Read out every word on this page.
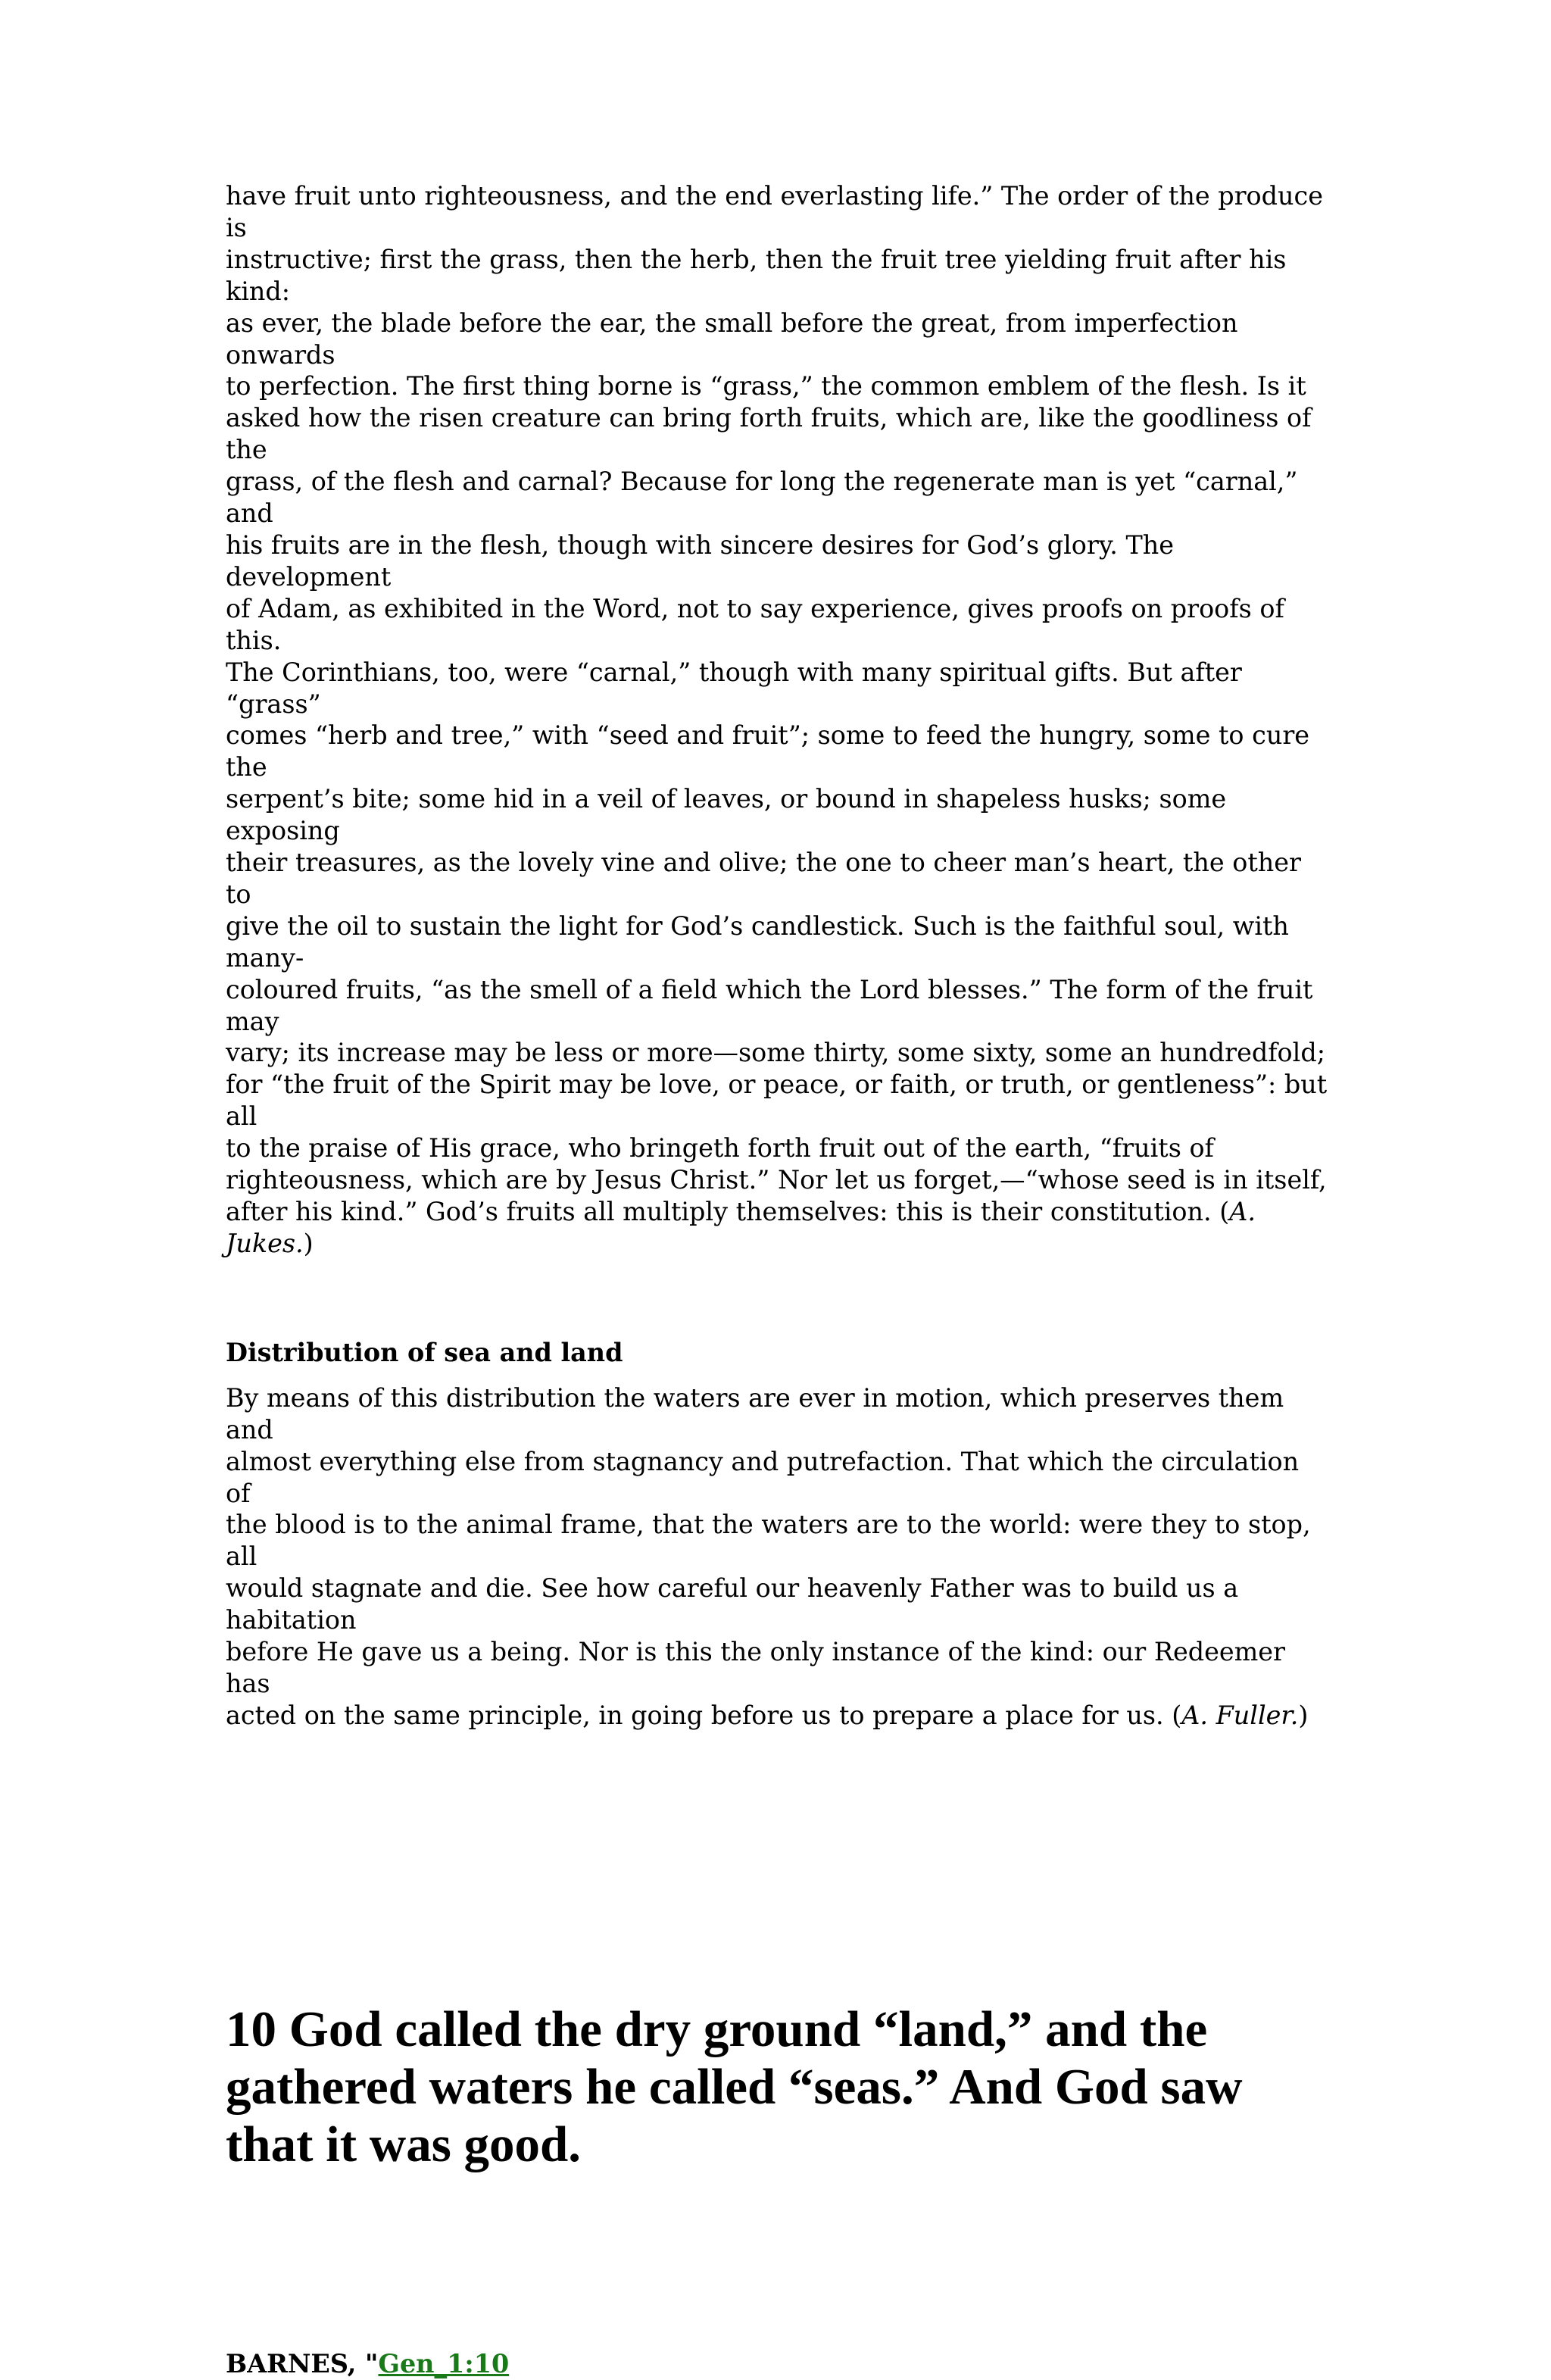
have fruit unto righteousness, and the end everlasting life.” The order of the produce is
instructive; first the grass, then the herb, then the fruit tree yielding fruit after his kind:
as ever, the blade before the ear, the small before the great, from imperfection onwards
to perfection. The first thing borne is “grass,” the common emblem of the flesh. Is it
asked how the risen creature can bring forth fruits, which are, like the goodliness of the
grass, of the flesh and carnal? Because for long the regenerate man is yet “carnal,” and
his fruits are in the flesh, though with sincere desires for God’s glory. The development
of Adam, as exhibited in the Word, not to say experience, gives proofs on proofs of this.
The Corinthians, too, were “carnal,” though with many spiritual gifts. But after “grass”
comes “herb and tree,” with “seed and fruit”; some to feed the hungry, some to cure the
serpent’s bite; some hid in a veil of leaves, or bound in shapeless husks; some exposing
their treasures, as the lovely vine and olive; the one to cheer man’s heart, the other to
give the oil to sustain the light for God’s candlestick. Such is the faithful soul, with many-
coloured fruits, “as the smell of a field which the Lord blesses.” The form of the fruit may
vary; its increase may be less or more—some thirty, some sixty, some an hundredfold;
for “the fruit of the Spirit may be love, or peace, or faith, or truth, or gentleness”: but all
to the praise of His grace, who bringeth forth fruit out of the earth, “fruits of
righteousness, which are by Jesus Christ.” Nor let us forget,—“whose seed is in itself,
after his kind.” God’s fruits all multiply themselves: this is their constitution. (A. Jukes.)

Distribution of sea and land

By means of this distribution the waters are ever in motion, which preserves them and
almost everything else from stagnancy and putrefaction. That which the circulation of
the blood is to the animal frame, that the waters are to the world: were they to stop, all
would stagnate and die. See how careful our heavenly Father was to build us a habitation
before He gave us a being. Nor is this the only instance of the kind: our Redeemer has
acted on the same principle, in going before us to prepare a place for us. (A. Fuller.)

10 God called the dry ground “land,” and the
gathered waters he called “seas.” And God saw
that it was good.

BARNES, "Gen_1:10
